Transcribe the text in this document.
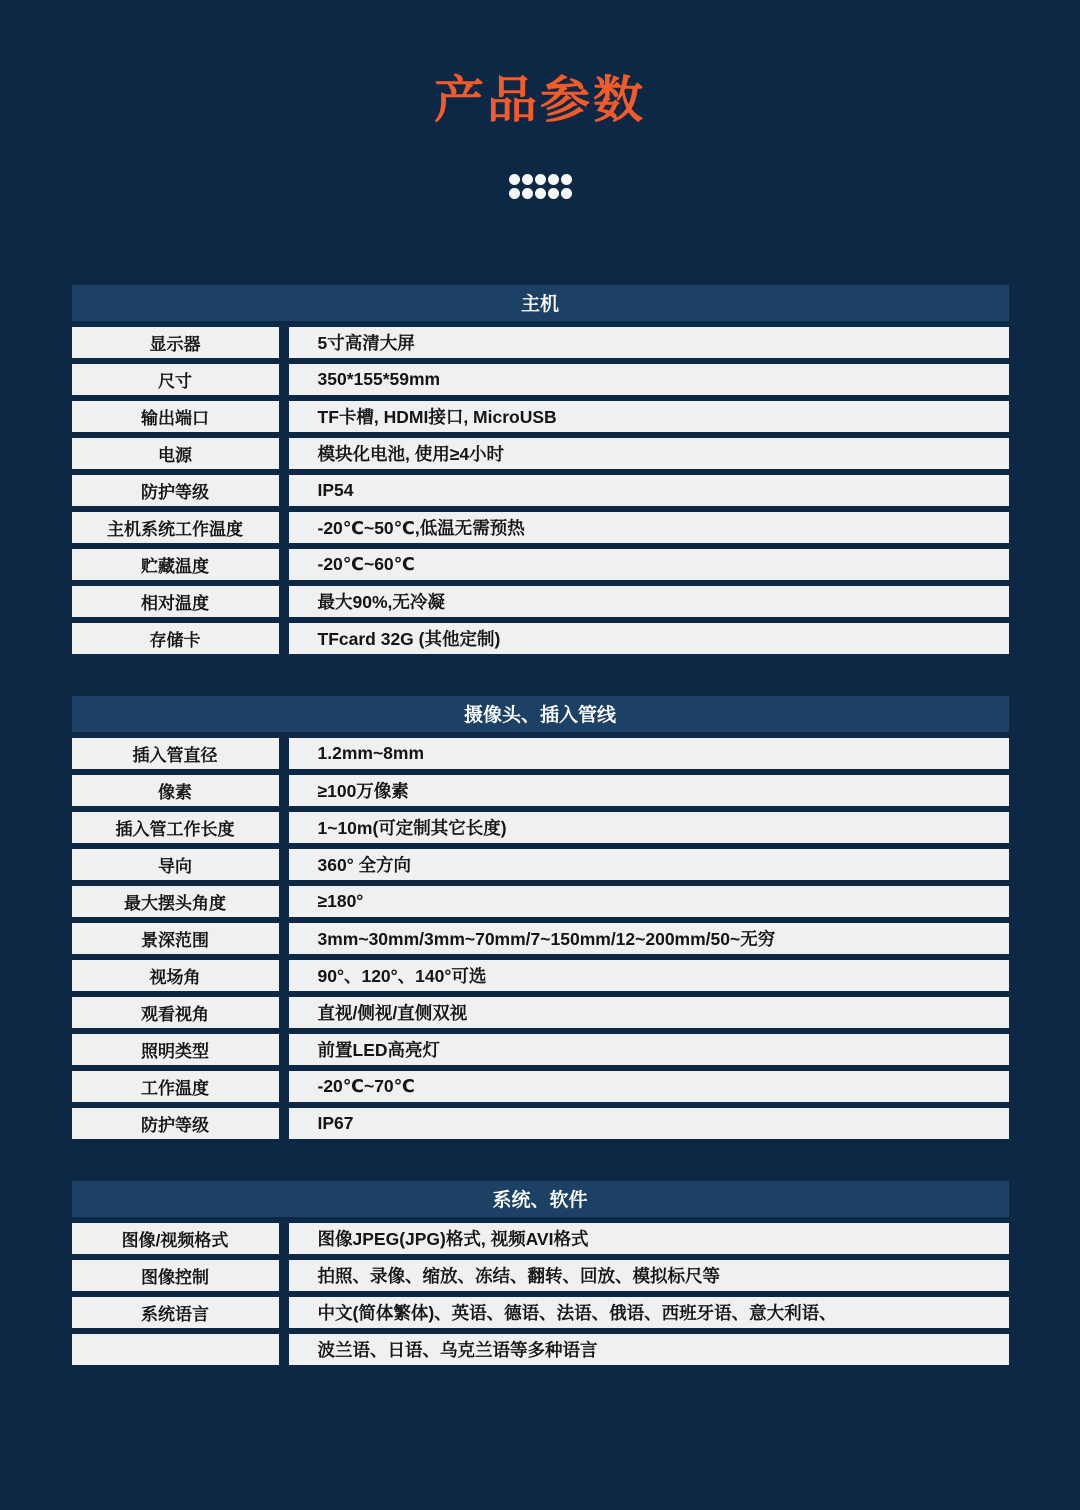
产品参数
主机
显示器	5寸高清大屏
尺寸	350*155*59mm
输出端口	TF卡槽, HDMI接口, MicroUSB
电源	模块化电池, 使用≥4小时
防护等级	IP54
主机系统工作温度	-20℃~50℃,低温无需预热
贮藏温度	-20℃~60℃
相对温度	最大90%,无冷凝
存储卡	TFcard 32G (其他定制)
摄像头、插入管线
插入管直径	1.2mm~8mm
像素	≥100万像素
插入管工作长度	1~10m(可定制其它长度)
导向	360° 全方向
最大摆头角度	≥180°
景深范围	3mm~30mm/3mm~70mm/7~150mm/12~200mm/50~无穷
视场角	90°、120°、140°可选
观看视角	直视/侧视/直侧双视
照明类型	前置LED高亮灯
工作温度	-20℃~70℃
防护等级	IP67
系统、软件
图像/视频格式	图像JPEG(JPG)格式, 视频AVI格式
图像控制	拍照、录像、缩放、冻结、翻转、回放、模拟标尺等
系统语言	中文(简体繁体)、英语、德语、法语、俄语、西班牙语、意大利语、
波兰语、日语、乌克兰语等多种语言
